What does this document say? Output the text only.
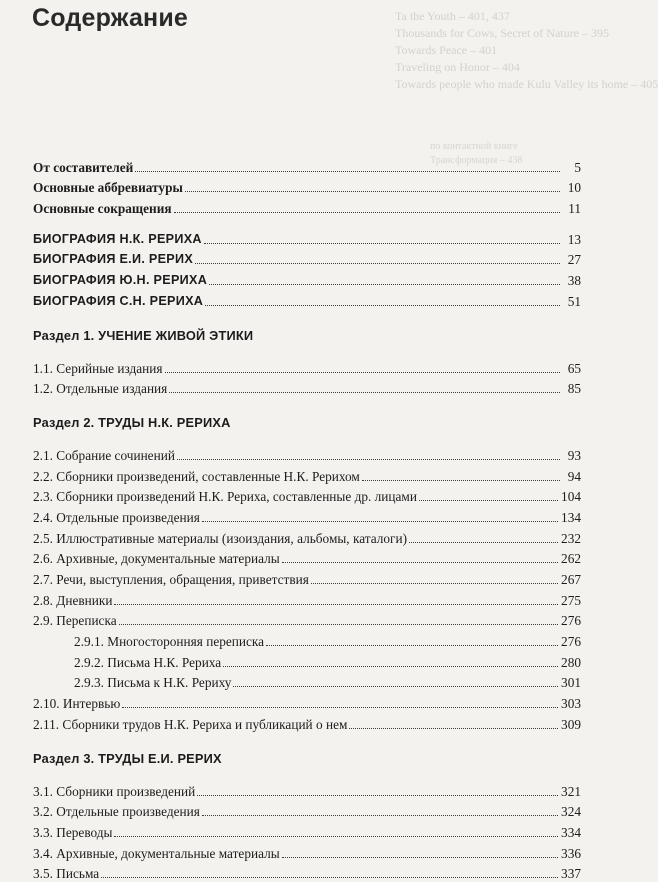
Ta the Youth – 401, 437
Thousands for Cows, Secret of Nature – 395
Towards Peace – 401
Traveling on Honor – 404
Towards people who made Kulu Valley its home – 405
по контактной книге
Трансформация – 438
Содержание
От составителей	5
Основные аббревиатуры	10
Основные сокращения	11
БИОГРАФИЯ Н.К. РЕРИХА	13
БИОГРАФИЯ Е.И. РЕРИХ	27
БИОГРАФИЯ Ю.Н. РЕРИХА	38
БИОГРАФИЯ С.Н. РЕРИХА	51
Раздел 1. УЧЕНИЕ ЖИВОЙ ЭТИКИ
1.1. Серийные издания	65
1.2. Отдельные издания	85
Раздел 2. ТРУДЫ Н.К. РЕРИХА
2.1. Собрание сочинений	93
2.2. Сборники произведений, составленные Н.К. Рерихом	94
2.3. Сборники произведений Н.К. Рериха, составленные др. лицами	104
2.4. Отдельные произведения	134
2.5. Иллюстративные материалы (изоиздания, альбомы, каталоги)	232
2.6. Архивные, документальные материалы	262
2.7. Речи, выступления, обращения, приветствия	267
2.8. Дневники	275
2.9. Переписка	276
2.9.1. Многосторонняя переписка	276
2.9.2. Письма Н.К. Рериха	280
2.9.3. Письма к Н.К. Рериху	301
2.10. Интервью	303
2.11. Сборники трудов Н.К. Рериха и публикаций о нем	309
Раздел 3. ТРУДЫ Е.И. РЕРИХ
3.1. Сборники произведений	321
3.2. Отдельные произведения	324
3.3. Переводы	334
3.4. Архивные, документальные материалы	336
3.5. Письма	337
